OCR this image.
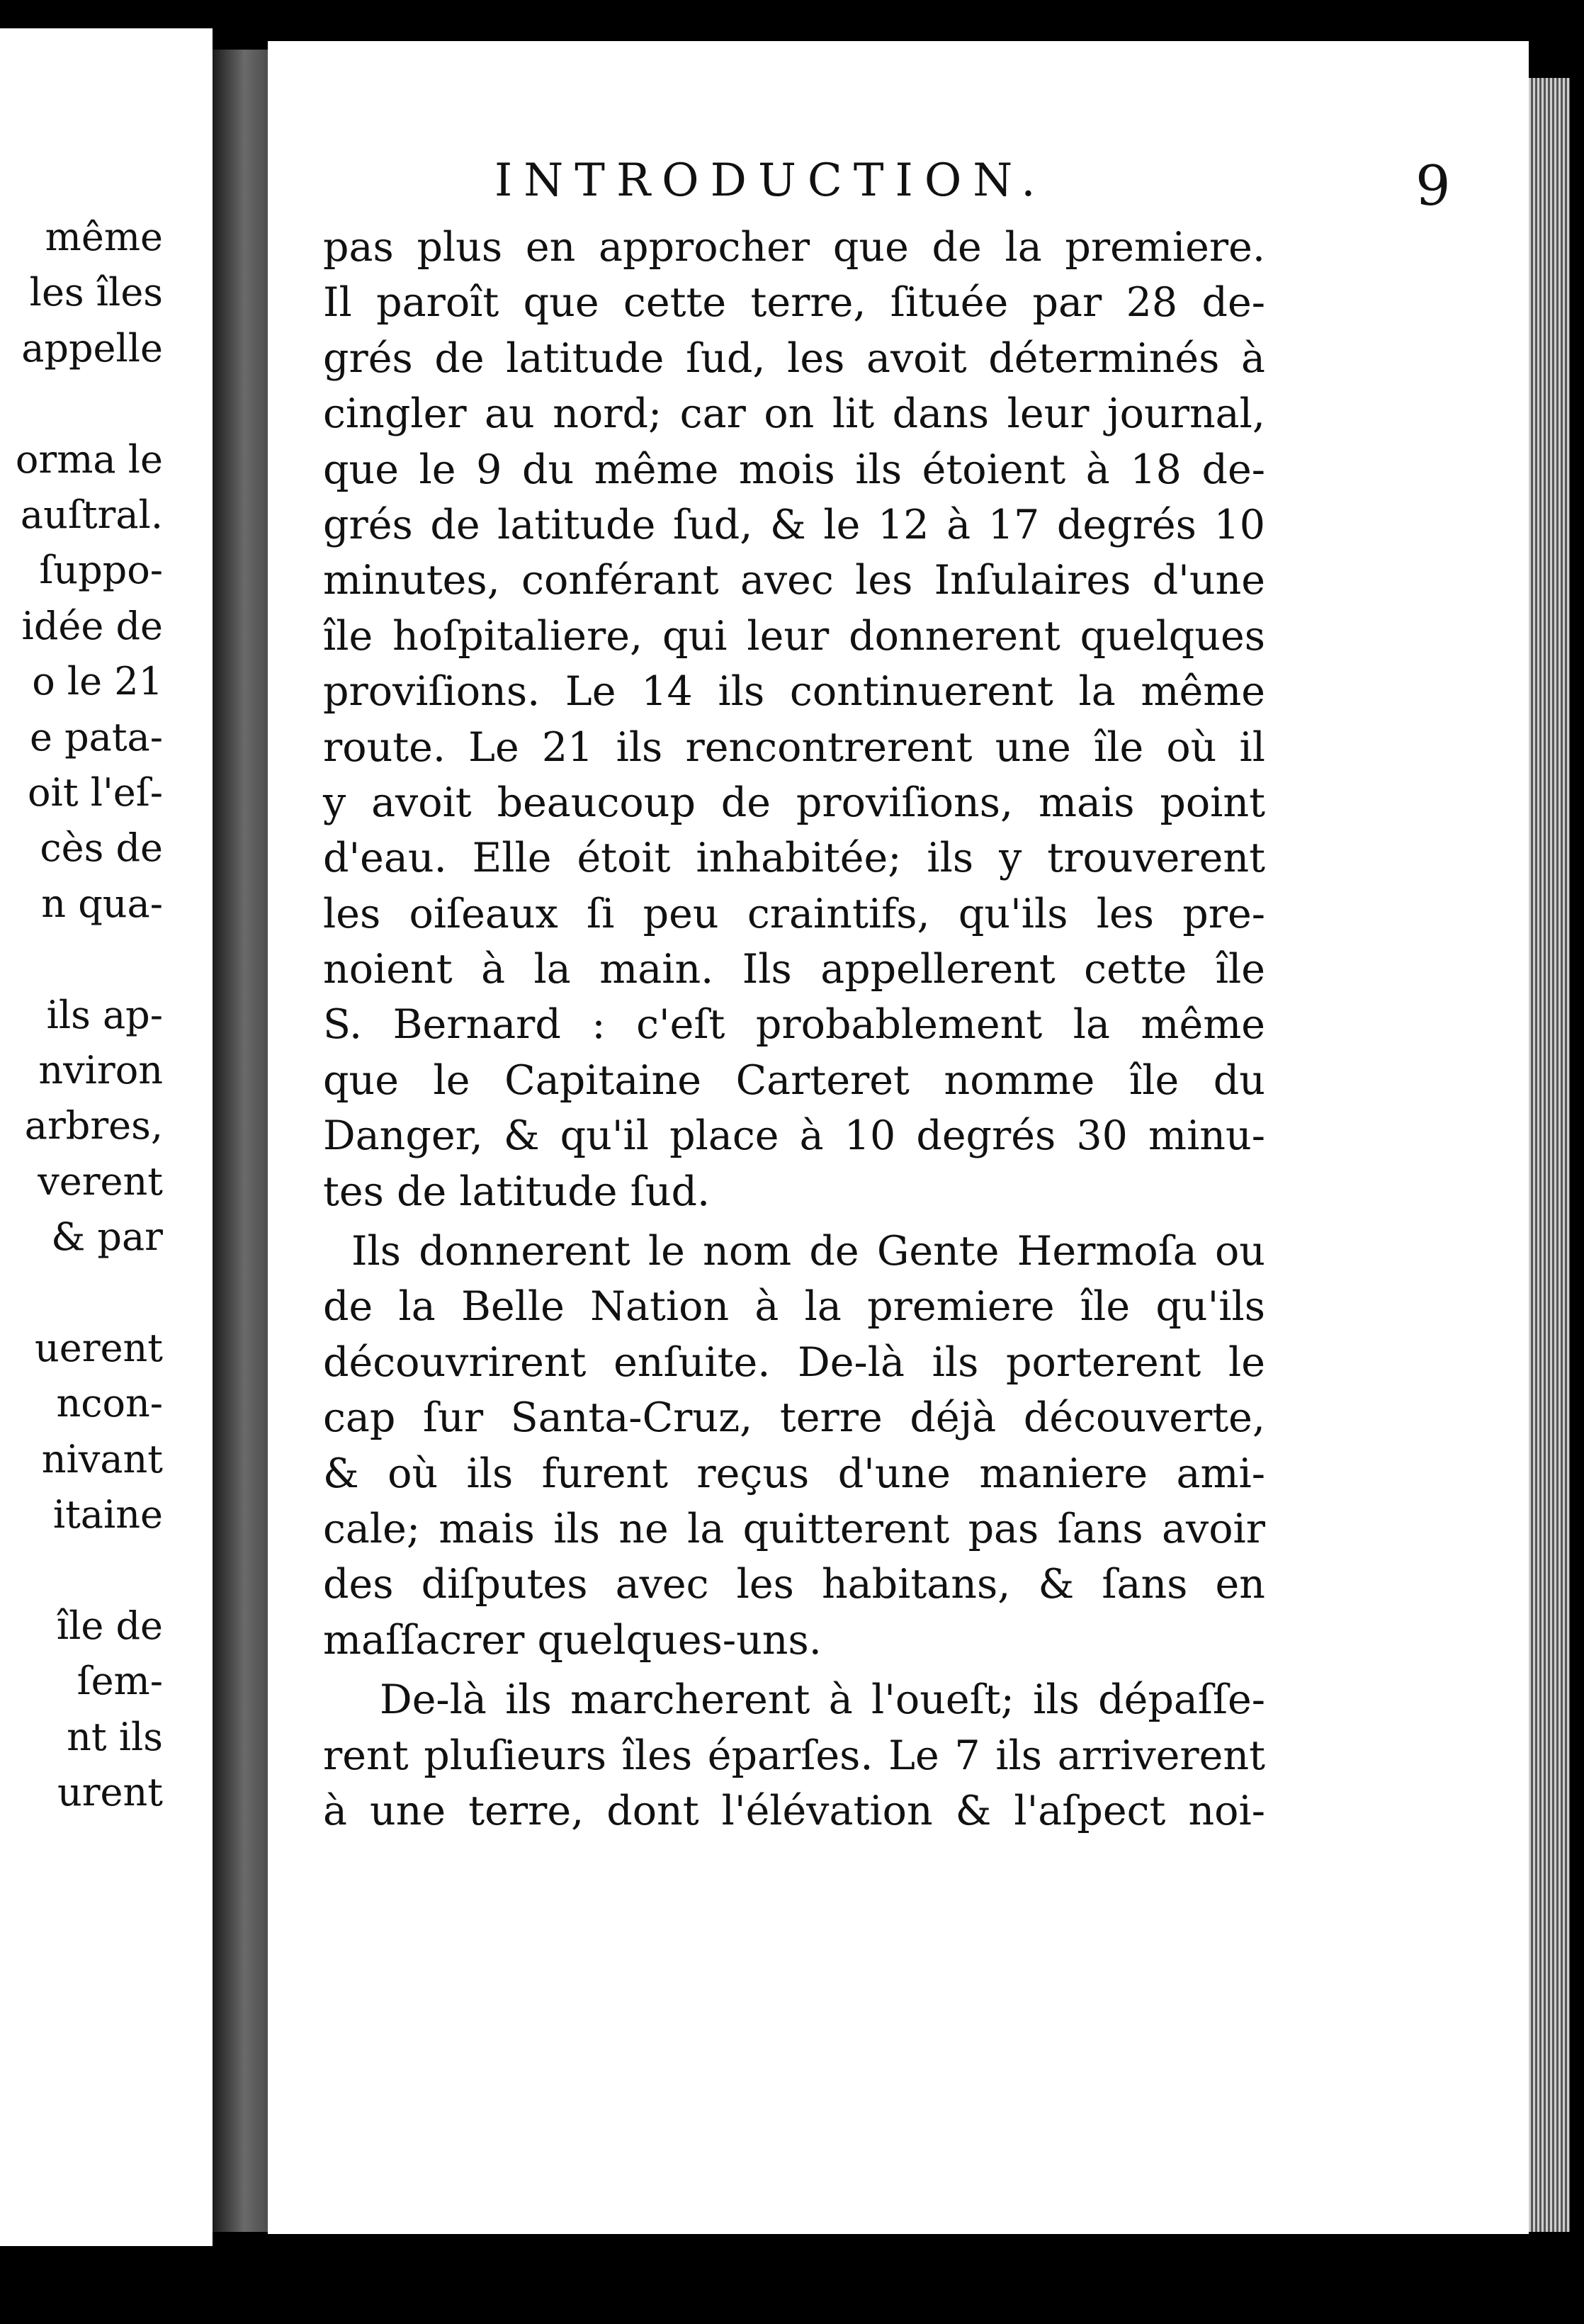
même
les îles
appelle
orma le
auſtral.
ſuppo-
idée de
o le 21
e pata-
oit l'eſ-
cès de
n qua-
ils ap-
nviron
arbres,
verent
& par
uerent
ncon-
nivant
itaine
île de
ſem-
nt ils
urent
INTRODUCTION.	9
pas plus en approcher que de la premiere.
Il paroît que cette terre, ſituée par 28 de-
grés de latitude ſud, les avoit déterminés à
cingler au nord; car on lit dans leur journal,
que le 9 du même mois ils étoient à 18 de-
grés de latitude ſud, & le 12 à 17 degrés 10
minutes, conférant avec les Inſulaires d'une
île hoſpitaliere, qui leur donnerent quelques
proviſions. Le 14 ils continuerent la même
route. Le 21 ils rencontrerent une île où il
y avoit beaucoup de proviſions, mais point
d'eau. Elle étoit inhabitée; ils y trouverent
les oiſeaux ſi peu craintifs, qu'ils les pre-
noient à la main. Ils appellerent cette île
S. Bernard : c'eſt probablement la même
que le Capitaine Carteret nomme île du
Danger, & qu'il place à 10 degrés 30 minu-
tes de latitude ſud.
Ils donnerent le nom de Gente Hermoſa ou
de la Belle Nation à la premiere île qu'ils
découvrirent enſuite. De-là ils porterent le
cap ſur Santa-Cruz, terre déjà découverte,
& où ils furent reçus d'une maniere ami-
cale; mais ils ne la quitterent pas ſans avoir
des diſputes avec les habitans, & ſans en
maſſacrer quelques-uns.
De-là ils marcherent à l'oueſt; ils dépaſſe-
rent pluſieurs îles éparſes. Le 7 ils arriverent
à une terre, dont l'élévation & l'aſpect noi-
